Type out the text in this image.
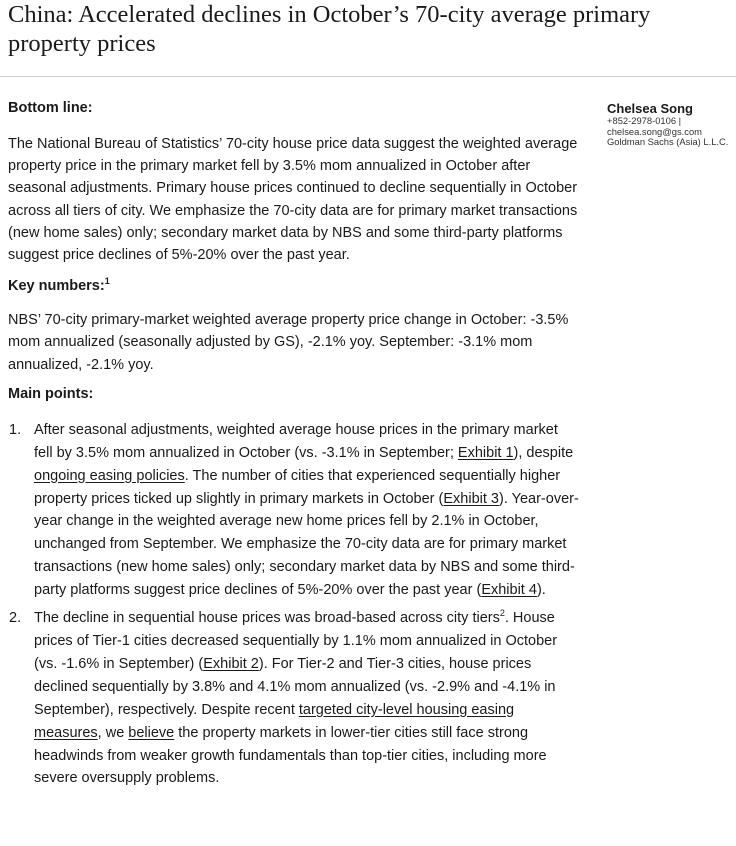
China: Accelerated declines in October’s 70-city average primary property prices
Bottom line:
The National Bureau of Statistics’ 70-city house price data suggest the weighted average property price in the primary market fell by 3.5% mom annualized in October after seasonal adjustments. Primary house prices continued to decline sequentially in October across all tiers of city. We emphasize the 70-city data are for primary market transactions (new home sales) only; secondary market data by NBS and some third-party platforms suggest price declines of 5%-20% over the past year.
Key numbers:$^1$
NBS’ 70-city primary-market weighted average property price change in October: -3.5% mom annualized (seasonally adjusted by GS), -2.1% yoy. September: -3.1% mom annualized, -2.1% yoy.
Main points:
1. After seasonal adjustments, weighted average house prices in the primary market fell by 3.5% mom annualized in October (vs. -3.1% in September; Exhibit 1), despite ongoing easing policies. The number of cities that experienced sequentially higher property prices ticked up slightly in primary markets in October (Exhibit 3). Year-over-year change in the weighted average new home prices fell by 2.1% in October, unchanged from September. We emphasize the 70-city data are for primary market transactions (new home sales) only; secondary market data by NBS and some third-party platforms suggest price declines of 5%-20% over the past year (Exhibit 4).
2. The decline in sequential house prices was broad-based across city tiers$^2$. House prices of Tier-1 cities decreased sequentially by 1.1% mom annualized in October (vs. -1.6% in September) (Exhibit 2). For Tier-2 and Tier-3 cities, house prices declined sequentially by 3.8% and 4.1% mom annualized (vs. -2.9% and -4.1% in September), respectively. Despite recent targeted city-level housing easing measures, we believe the property markets in lower-tier cities still face strong headwinds from weaker growth fundamentals than top-tier cities, including more severe oversupply problems.
Chelsea Song
+852-2978-0106 |
chelsea.song@gs.com
Goldman Sachs (Asia) L.L.C.
